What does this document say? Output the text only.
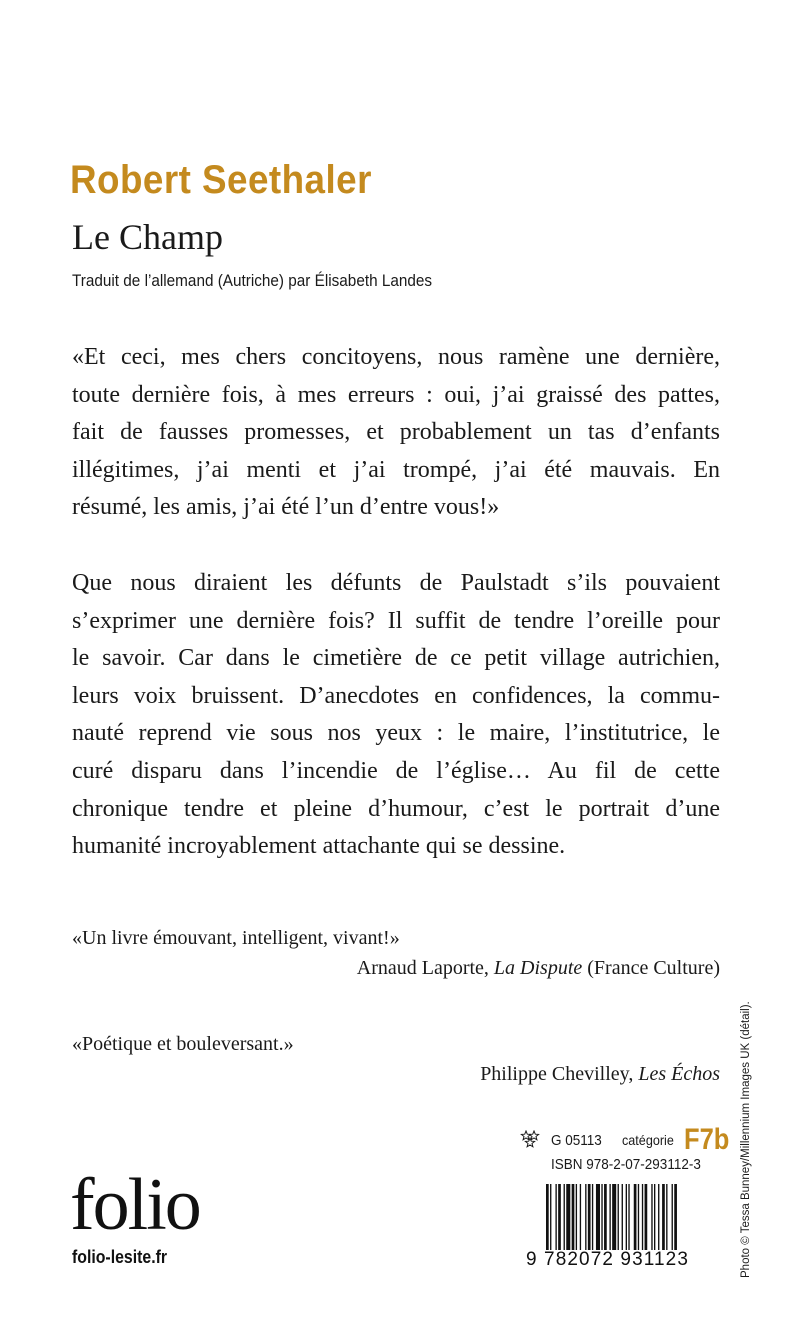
Robert Seethaler
Le Champ
Traduit de l’allemand (Autriche) par Élisabeth Landes
«Et ceci, mes chers concitoyens, nous ramène une dernière,
toute dernière fois, à mes erreurs : oui, j’ai graissé des pattes,
fait de fausses promesses, et probablement un tas d’enfants
illégitimes, j’ai menti et j’ai trompé, j’ai été mauvais. En
résumé, les amis, j’ai été l’un d’entre vous!»
Que nous diraient les défunts de Paulstadt s’ils pouvaient
s’exprimer une dernière fois? Il suffit de tendre l’oreille pour
le savoir. Car dans le cimetière de ce petit village autrichien,
leurs voix bruissent. D’anecdotes en confidences, la commu-
nauté reprend vie sous nos yeux : le maire, l’institutrice, le
curé disparu dans l’incendie de l’église… Au fil de cette
chronique tendre et pleine d’humour, c’est le portrait d’une
humanité incroyablement attachante qui se dessine.
«Un livre émouvant, intelligent, vivant!»
Arnaud Laporte, La Dispute (France Culture)
«Poétique et bouleversant.»
Philippe Chevilley, Les Échos
G 05113 catégorie F7b
ISBN 978-2-07-293112-3
folio
folio-lesite.fr	9 782072 931123	Photo © Tessa Bunney/Millennium Images UK (détail).
